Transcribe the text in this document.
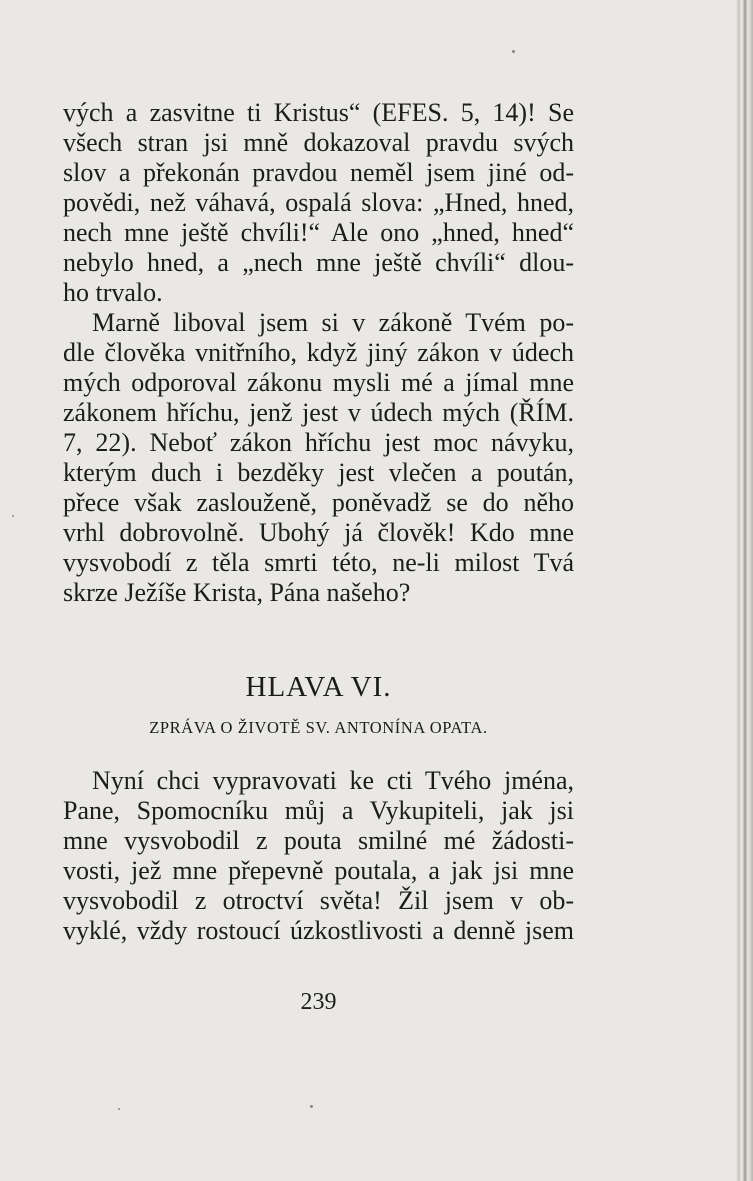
vých a zasvitne ti Kristus“ (EFES. 5, 14)! Se
všech stran jsi mně dokazoval pravdu svých
slov a překonán pravdou neměl jsem jiné od-
povědi, než váhavá, ospalá slova: „Hned, hned,
nech mne ještě chvíli!“ Ale ono „hned, hned“
nebylo hned, a „nech mne ještě chvíli“ dlou-
ho trvalo.
Marně liboval jsem si v zákoně Tvém po-
dle člověka vnitřního, když jiný zákon v údech
mých odporoval zákonu mysli mé a jímal mne
zákonem hříchu, jenž jest v údech mých (ŘÍM.
7, 22). Neboť zákon hříchu jest moc návyku,
kterým duch i bezděky jest vlečen a poután,
přece však zaslouženě, poněvadž se do něho
vrhl dobrovolně. Ubohý já člověk! Kdo mne
vysvobodí z těla smrti této, ne-li milost Tvá
skrze Ježíše Krista, Pána našeho?
HLAVA VI.
ZPRÁVA O ŽIVOTĚ SV. ANTONÍNA OPATA.
Nyní chci vypravovati ke cti Tvého jména,
Pane, Spomocníku můj a Vykupiteli, jak jsi
mne vysvobodil z pouta smilné mé žádosti-
vosti, jež mne přepevně poutala, a jak jsi mne
vysvobodil z otroctví světa! Žil jsem v ob-
vyklé, vždy rostoucí úzkostlivosti a denně jsem
239
